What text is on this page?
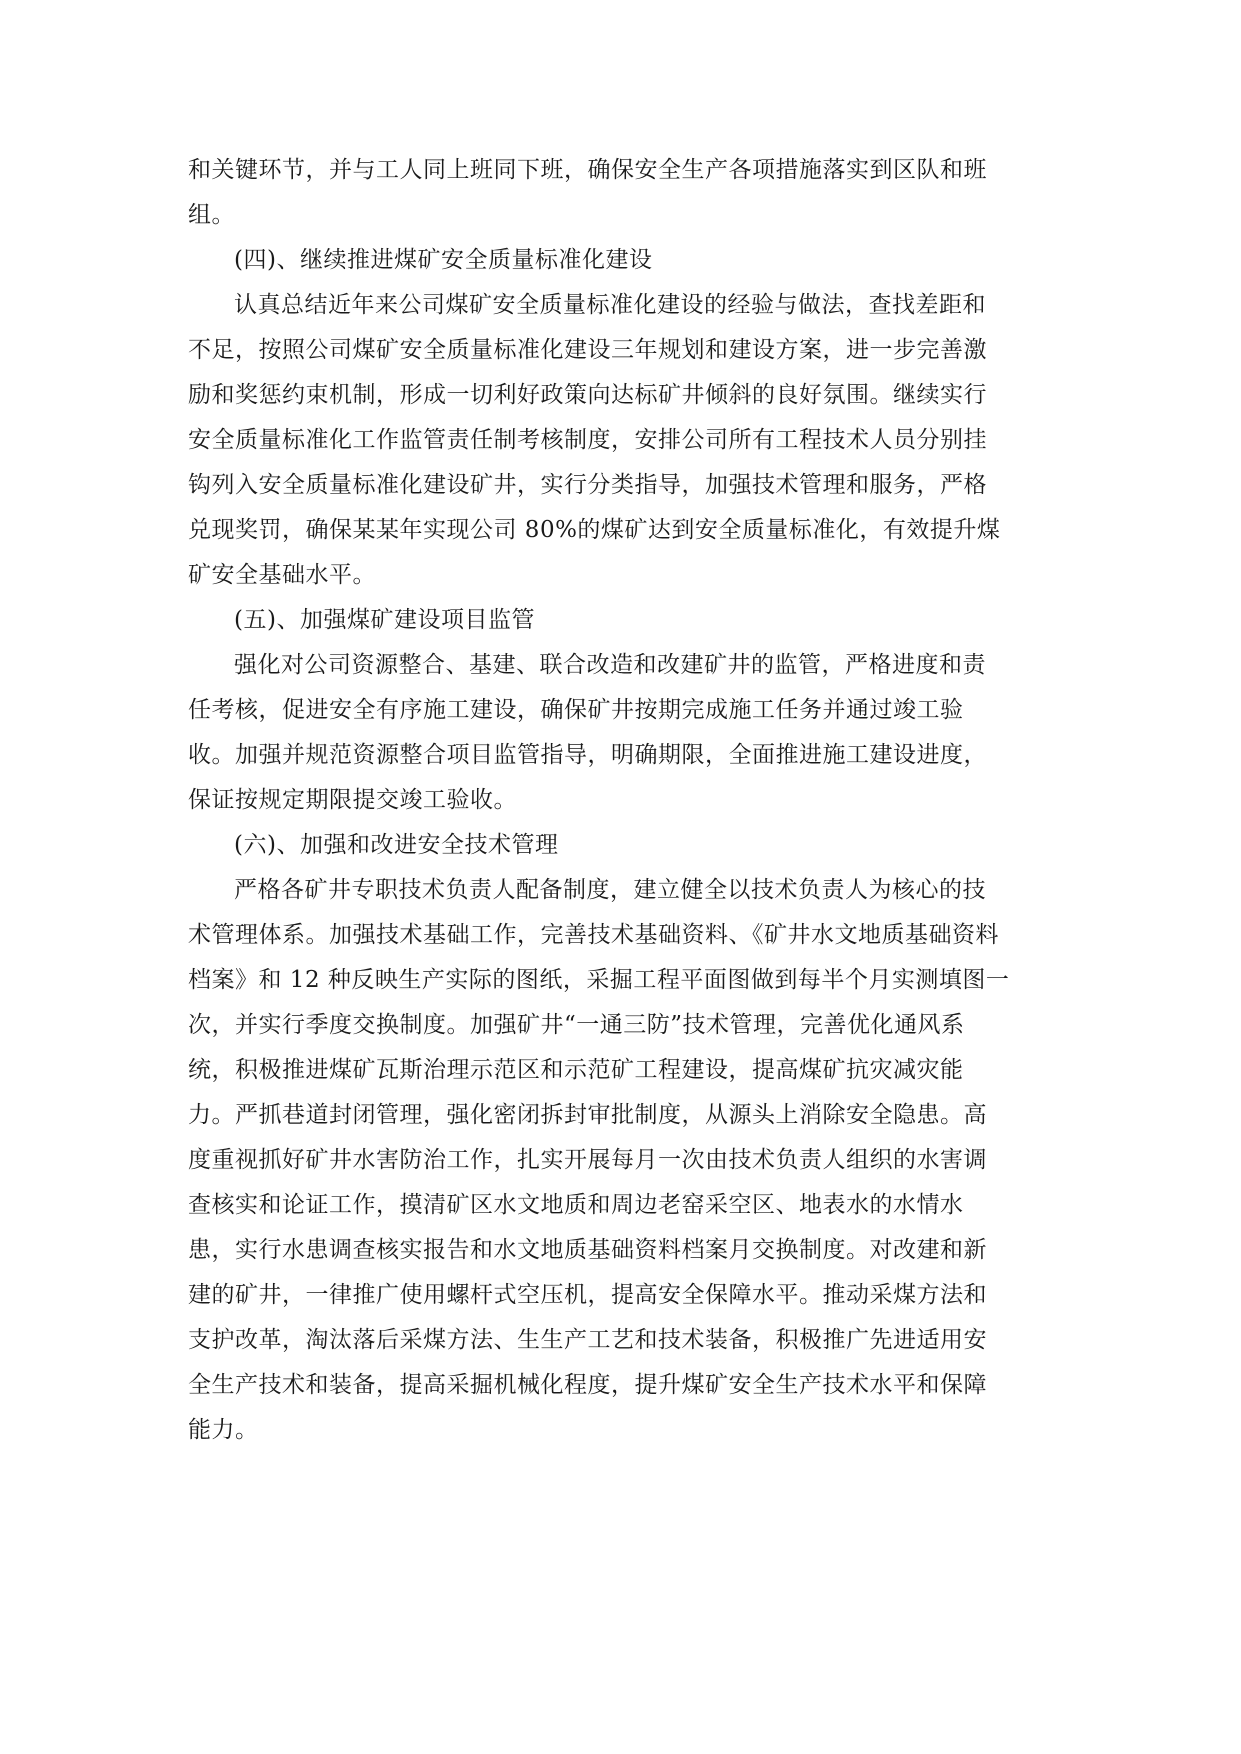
和关键环节，并与工人同上班同下班，确保安全生产各项措施落实到区队和班
组。
(四)、继续推进煤矿安全质量标准化建设
认真总结近年来公司煤矿安全质量标准化建设的经验与做法，查找差距和
不足，按照公司煤矿安全质量标准化建设三年规划和建设方案，进一步完善激
励和奖惩约束机制，形成一切利好政策向达标矿井倾斜的良好氛围。继续实行
安全质量标准化工作监管责任制考核制度，安排公司所有工程技术人员分别挂
钩列入安全质量标准化建设矿井，实行分类指导，加强技术管理和服务，严格
兑现奖罚，确保某某年实现公司 80%的煤矿达到安全质量标准化，有效提升煤
矿安全基础水平。
(五)、加强煤矿建设项目监管
强化对公司资源整合、基建、联合改造和改建矿井的监管，严格进度和责
任考核，促进安全有序施工建设，确保矿井按期完成施工任务并通过竣工验
收。加强并规范资源整合项目监管指导，明确期限，全面推进施工建设进度，
保证按规定期限提交竣工验收。
(六)、加强和改进安全技术管理
严格各矿井专职技术负责人配备制度，建立健全以技术负责人为核心的技
术管理体系。加强技术基础工作，完善技术基础资料、《矿井水文地质基础资料
档案》和 12 种反映生产实际的图纸，采掘工程平面图做到每半个月实测填图一
次，并实行季度交换制度。加强矿井“一通三防”技术管理，完善优化通风系
统，积极推进煤矿瓦斯治理示范区和示范矿工程建设，提高煤矿抗灾减灾能
力。严抓巷道封闭管理，强化密闭拆封审批制度，从源头上消除安全隐患。高
度重视抓好矿井水害防治工作，扎实开展每月一次由技术负责人组织的水害调
查核实和论证工作，摸清矿区水文地质和周边老窑采空区、地表水的水情水
患，实行水患调查核实报告和水文地质基础资料档案月交换制度。对改建和新
建的矿井，一律推广使用螺杆式空压机，提高安全保障水平。推动采煤方法和
支护改革，淘汰落后采煤方法、生生产工艺和技术装备，积极推广先进适用安
全生产技术和装备，提高采掘机械化程度，提升煤矿安全生产技术水平和保障
能力。
